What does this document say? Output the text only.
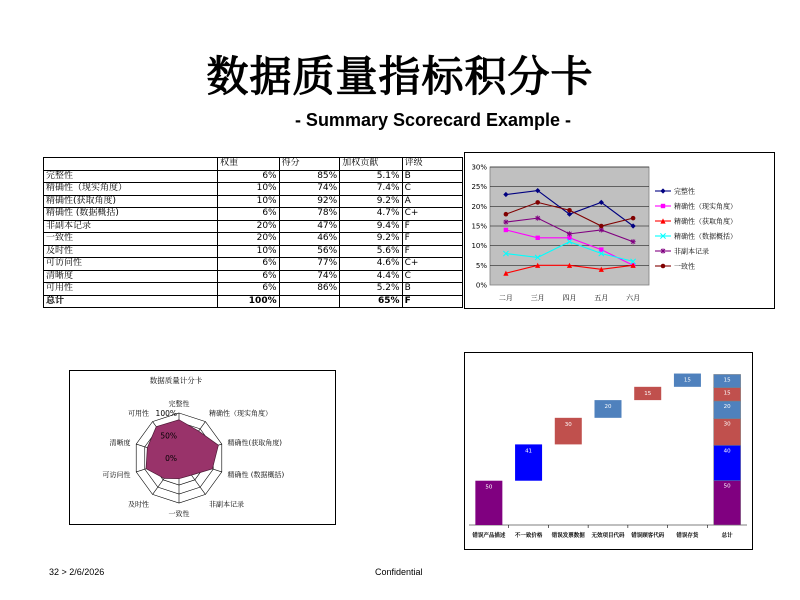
数据质量指标积分卡
- Summary Scorecard Example -
	权重	得分	加权贡献	评级
完整性	6%	85%	5.1%	B
精确性（现实角度）	10%	74%	7.4%	C
精确性(获取角度)	10%	92%	9.2%	A
精确性 (数据概括)	6%	78%	4.7%	C+
非副本记录	20%	47%	9.4%	F
一致性	20%	46%	9.2%	F
及时性	10%	56%	5.6%	F
可访问性	6%	77%	4.6%	C+
清晰度	6%	74%	4.4%	C
可用性	6%	86%	5.2%	B
总计	100%		65%	F
0%
5%
10%
15%
20%
25%
30%
二月	三月	四月	五月	六月
完整性
精确性（现实角度）
精确性（获取角度）
精确性（数据概括）
非副本记录
一致性
数据质量计分卡
0%
50%
100%
完整性
精确性（现实角度）
精确性(获取角度)
精确性 (数据概括)
非副本记录
一致性
及时性
可访问性
清晰度
可用性
50
41
30
20
15
15
50
40
30
20
15
15
错误产品描述 不一致价格 错误发票数据 无效项目代码 错误顾客代码 错误存货	总计
32 > 2/6/2026	Confidential
